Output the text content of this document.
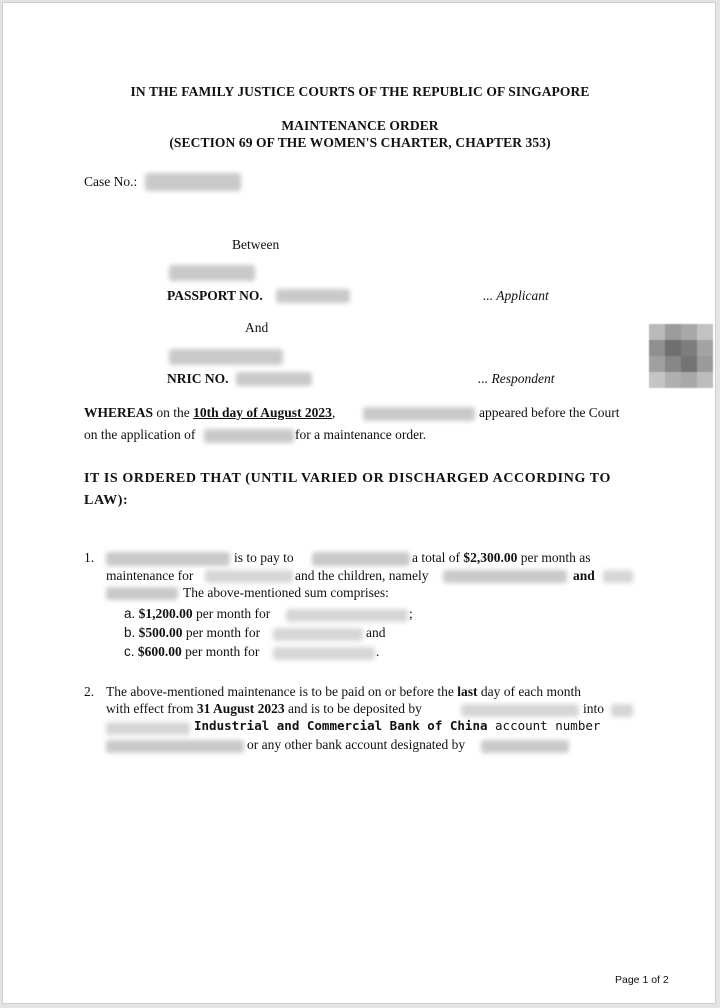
IN THE FAMILY JUSTICE COURTS OF THE REPUBLIC OF SINGAPORE
MAINTENANCE ORDER
(SECTION 69 OF THE WOMEN'S CHARTER, CHAPTER 353)
Case No.:
Between
PASSPORT NO.	... Applicant
And
NRIC NO.	... Respondent
WHEREAS on the 10th day of August 2023,	appeared before the Court
on the application of	for a maintenance order.
IT IS ORDERED THAT (UNTIL VARIED OR DISCHARGED ACCORDING TO
LAW):
1.	is to pay to	a total of $2,300.00 per month as
maintenance for	and the children, namely	and
The above-mentioned sum comprises:
a. $1,200.00 per month for	;
b. $500.00 per month for	and
c. $600.00 per month for	.
2. The above-mentioned maintenance is to be paid on or before the last day of each month
with effect from 31 August 2023 and is to be deposited by	into
Industrial and Commercial Bank of China account number
or any other bank account designated by
Page 1 of 2
